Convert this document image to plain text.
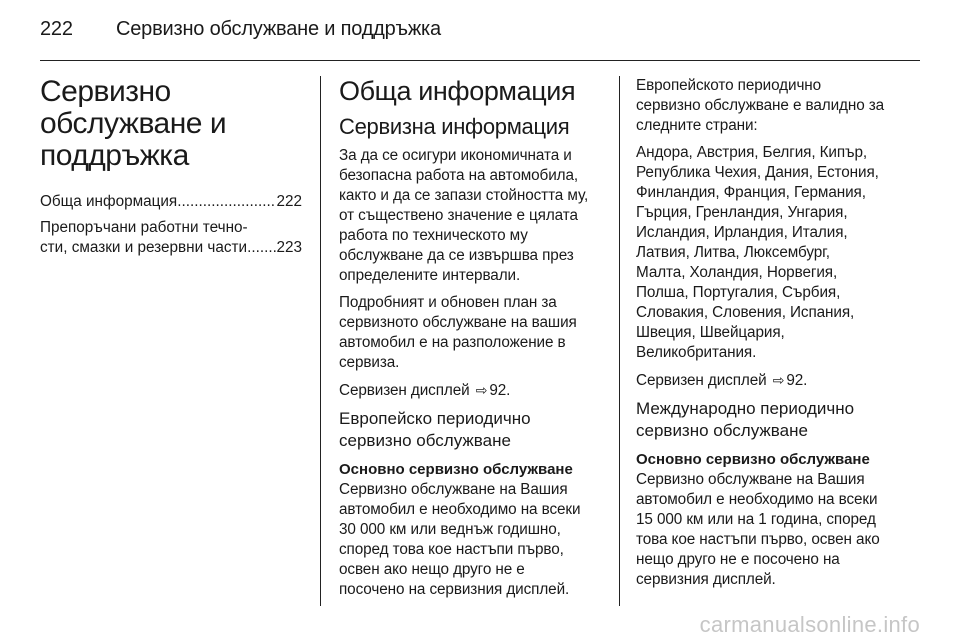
222 Сервизно обслужване и поддръжка
Сервизно
обслужване и
поддръжка
Обща информация .....	222
Препоръчани работни течно-
сти, смазки и резервни части ..... 223
Обща информация
Сервизна информация

За да се осигури икономичната и
безопасна работа на автомобила,
както и да се запази стойността му,
от съществено значение е цялата
работа по техническото му
обслужване да се извършва през
определените интервали.

Подробният и обновен план за
сервизното обслужване на вашия
автомобил е на разположение в
сервиза.

Сервизен дисплей ⇨ 92.

Европейско периодично
сервизно обслужване
Основно сервизно обслужване

Сервизно обслужване на Вашия
автомобил е необходимо на всеки
30 000 км или веднъж годишно,
според това кое настъпи първо,
освен ако нещо друго не е
посочено на сервизния дисплей.

Европейското периодично
сервизно обслужване е валидно за
следните страни:

Андора, Австрия, Белгия, Кипър,
Република Чехия, Дания, Естония,
Финландия, Франция, Германия,
Гърция, Гренландия, Унгария,
Исландия, Ирландия, Италия,
Латвия, Литва, Люксембург,
Малта, Холандия, Норвегия,
Полша, Португалия, Сърбия,
Словакия, Словения, Испания,
Швеция, Швейцария,
Великобритания.

Сервизен дисплей ⇨ 92.

Международно периодично
сервизно обслужване
Основно сервизно обслужване

Сервизно обслужване на Вашия
автомобил е необходимо на всеки
15 000 км или на 1 година, според
това кое настъпи първо, освен ако
нещо друго не е посочено на
сервизния дисплей.

carmanualsonline.info
